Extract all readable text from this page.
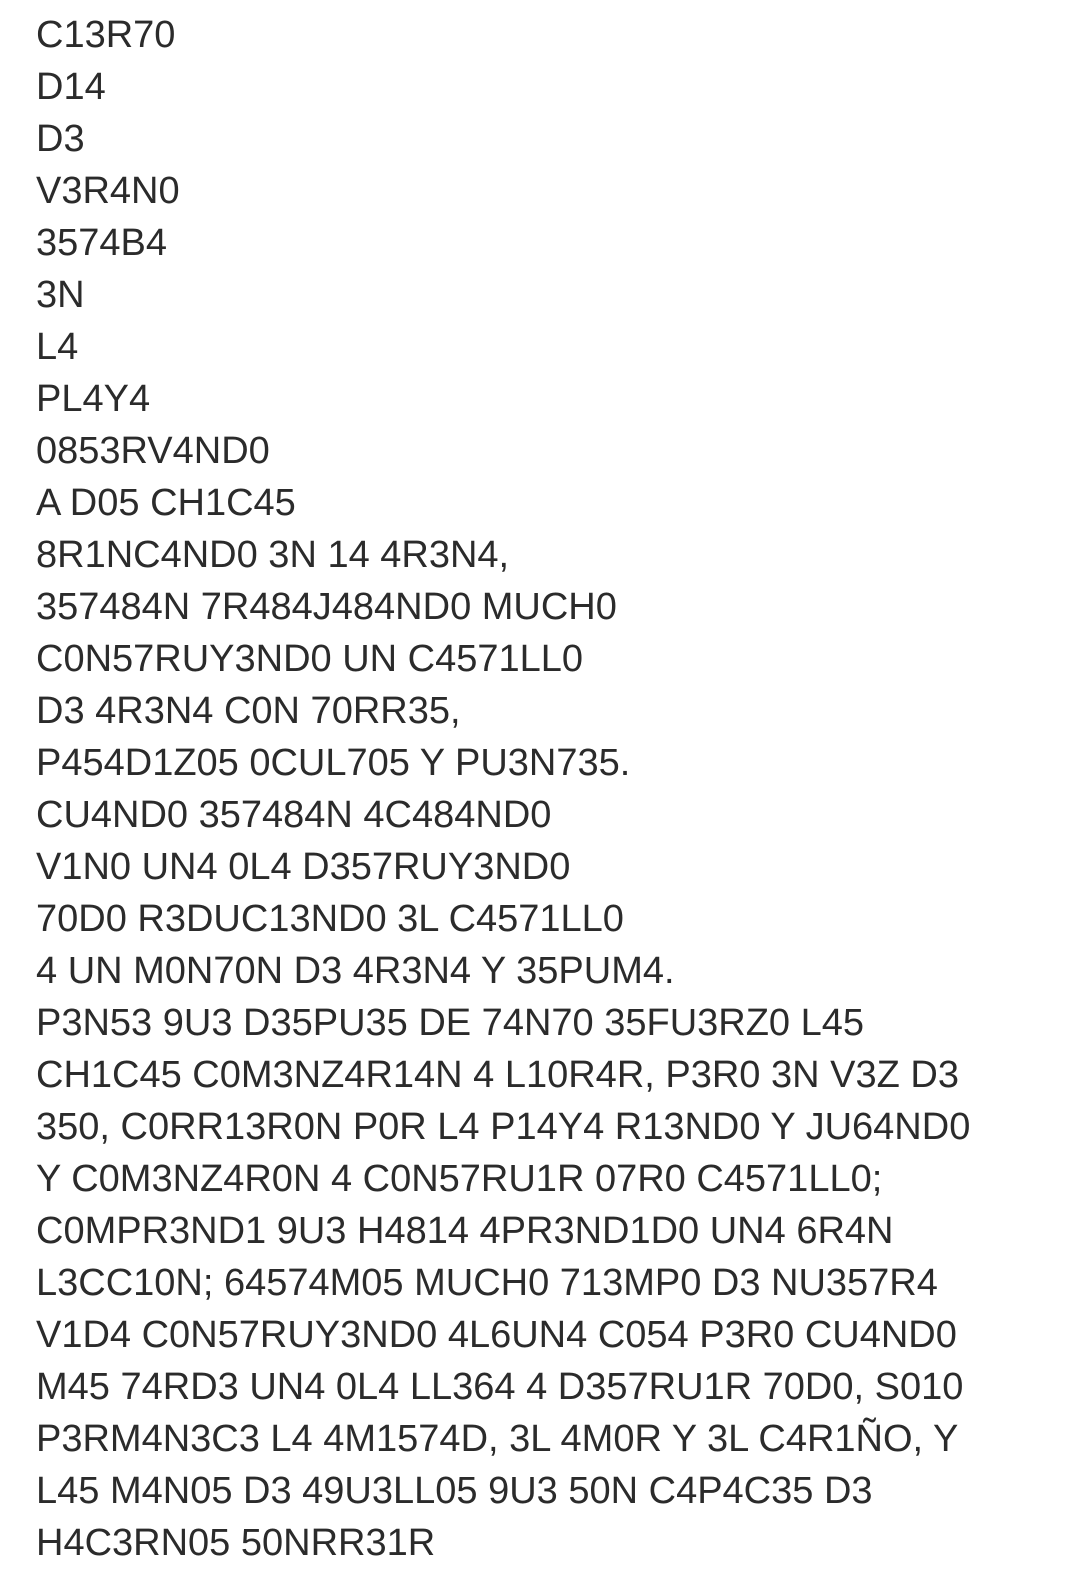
C13R70
D14
D3
V3R4N0
3574B4
3N
L4
PL4Y4
0853RV4ND0
A D05 CH1C45
8R1NC4ND0 3N 14 4R3N4,
357484N 7R484J484ND0 MUCH0
C0N57RUY3ND0 UN C4571LL0
D3 4R3N4 C0N 70RR35,
P454D1Z05 0CUL705 Y PU3N735.
CU4ND0 357484N 4C484ND0
V1N0 UN4 0L4 D357RUY3ND0
70D0 R3DUC13ND0 3L C4571LL0
4 UN M0N70N D3 4R3N4 Y 35PUM4.
P3N53 9U3 D35PU35 DE 74N70 35FU3RZ0 L45
CH1C45 C0M3NZ4R14N 4 L10R4R, P3R0 3N V3Z D3
350, C0RR13R0N P0R L4 P14Y4 R13ND0 Y JU64ND0
Y C0M3NZ4R0N 4 C0N57RU1R 07R0 C4571LL0;
C0MPR3ND1 9U3 H4814 4PR3ND1D0 UN4 6R4N
L3CC10N; 64574M05 MUCH0 713MP0 D3 NU357R4
V1D4 C0N57RUY3ND0 4L6UN4 C054 P3R0 CU4ND0
M45 74RD3 UN4 0L4 LL364 4 D357RU1R 70D0, S010
P3RM4N3C3 L4 4M1574D, 3L 4M0R Y 3L C4R1ÑO, Y
L45 M4N05 D3 49U3LL05 9U3 50N C4P4C35 D3
H4C3RN05 50NRR31R
